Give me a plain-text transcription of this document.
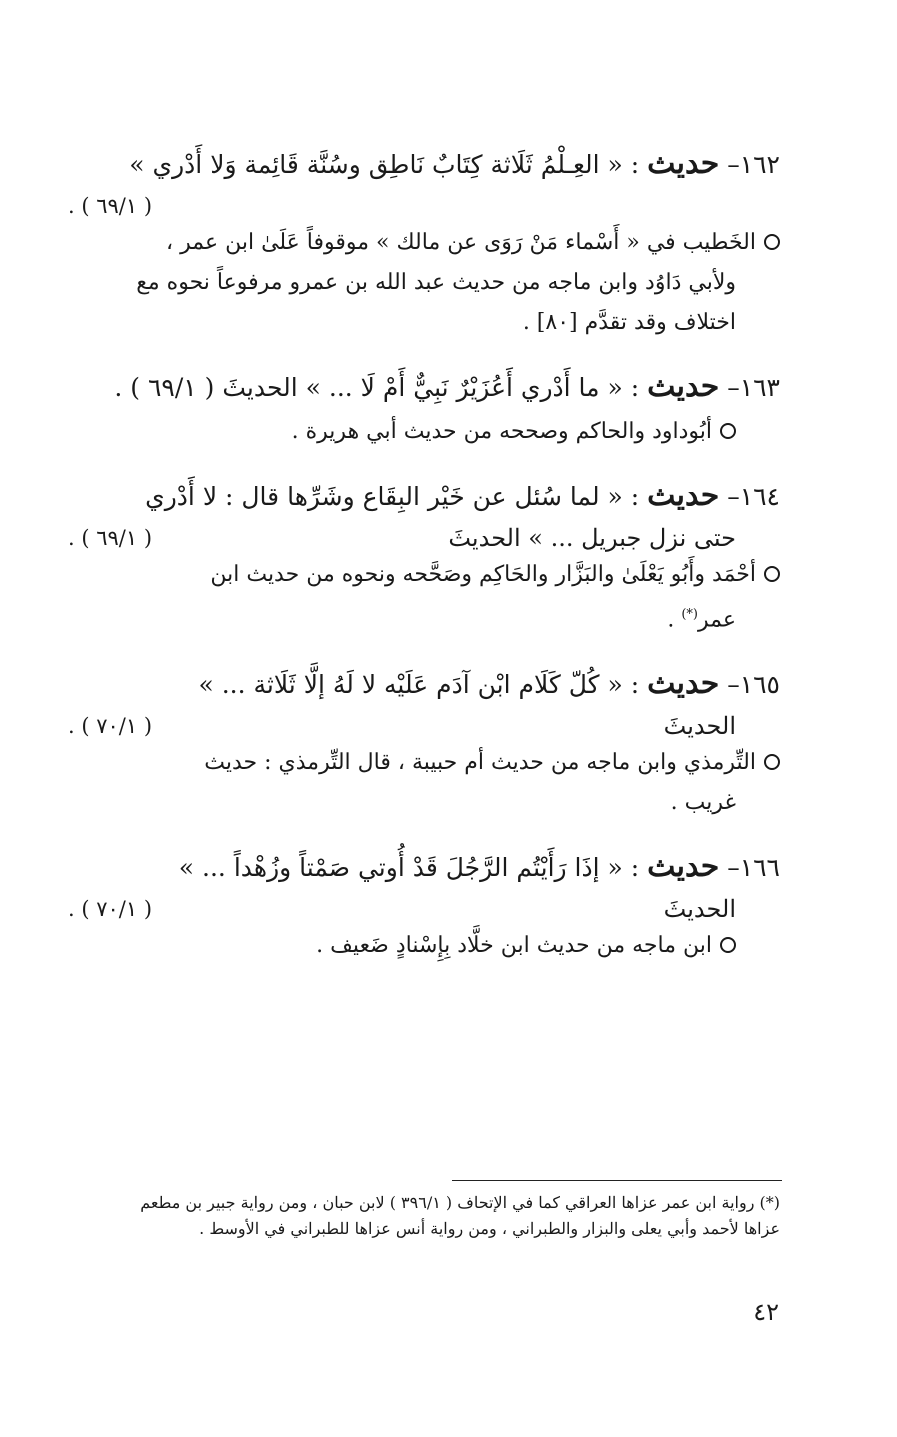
١٦٢– حديث : « العِـلْمُ ثَلَاثة كِتَابٌ نَاطِق وسُنَّة قَائِمة وَلا أَدْري »
( ٦٩/١ ) .
الخَطيب في « أَسْماء مَنْ رَوَى عن مالك » موقوفاً عَلَىٰ ابن عمر ،
ولأبي دَاوُد وابن ماجه من حديث عبد الله بن عمرو مرفوعاً نحوه مع
اختلاف وقد تقدَّم [٨٠] .
١٦٣– حديث : « ما أَدْري أَعُزَيْرٌ نَبِيٌّ أَمْ لَا ... » الحديثَ ( ٦٩/١ ) .
أبُوداود والحاكم وصححه من حديث أبي هريرة .
١٦٤– حديث : « لما سُئل عن خَيْر البِقَاع وشَرِّها قال : لا أَدْري
حتى نزل جبريل ... » الحديثَ
( ٦٩/١ ) .
أحْمَد وأَبُو يَعْلَىٰ والبَزَّار والحَاكِم وصَحَّحه ونحوه من حديث ابن
عمر(*) .
١٦٥– حديث : « كُلّ كَلَام ابْن آدَم عَلَيْه لا لَهُ إلَّا ثَلَاثة ... »
الحديثَ
( ٧٠/١ ) .
التِّرمذي وابن ماجه من حديث أم حبيبة ، قال التِّرمذي : حديث
غريب .
١٦٦– حديث : « إذَا رَأَيْتُم الرَّجُلَ قَدْ أُوتي صَمْتاً وزُهْداً ... »
الحديثَ
( ٧٠/١ ) .
ابن ماجه من حديث ابن خلَّاد بِإِسْنادٍ ضَعيف .
(*) رواية ابن عمر عزاها العراقي كما في الإتحاف ( ٣٩٦/١ ) لابن حبان ، ومن رواية جبير بن مطعم
عزاها لأحمد وأبي يعلى والبزار والطبراني ، ومن رواية أنس عزاها للطبراني في الأوسط .
٤٢
